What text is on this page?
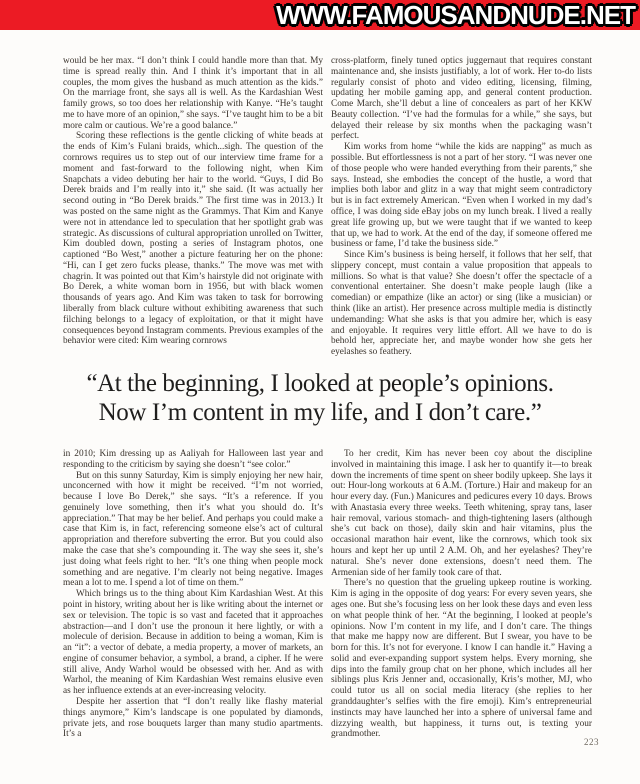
WWW.FAMOUSANDNUDE.NET

would be her max. “I don’t think I could handle more than that. My time is spread really thin. And I think it’s important that in all couples, the mom gives the husband as much attention as the kids.” On the marriage front, she says all is well. As the Kardashian West family grows, so too does her relationship with Kanye. “He’s taught me to have more of an opinion,” she says. “I’ve taught him to be a bit more calm or cautious. We’re a good balance.”

Scoring these reflections is the gentle clicking of white beads at the ends of Kim’s Fulani braids, which...sigh. The question of the cornrows requires us to step out of our interview time frame for a moment and fast-forward to the following night, when Kim Snapchats a video debuting her hair to the world. “Guys, I did Bo Derek braids and I’m really into it,” she said. (It was actually her second outing in “Bo Derek braids.” The first time was in 2013.) It was posted on the same night as the Grammys. That Kim and Kanye were not in attendance led to speculation that her spotlight grab was strategic. As discussions of cultural appropriation unrolled on Twitter, Kim doubled down, posting a series of Instagram photos, one captioned “Bo West,” another a picture featuring her on the phone: “Hi, can I get zero fucks please, thanks.” The move was met with chagrin. It was pointed out that Kim’s hairstyle did not originate with Bo Derek, a white woman born in 1956, but with black women thousands of years ago. And Kim was taken to task for borrowing liberally from black culture without exhibiting awareness that such filching belongs to a legacy of exploitation, or that it might have consequences beyond Instagram comments. Previous examples of the behavior were cited: Kim wearing cornrows

cross-platform, finely tuned optics juggernaut that requires constant maintenance and, she insists justifiably, a lot of work. Her to-do lists regularly consist of photo and video editing, licensing, filming, updating her mobile gaming app, and general content production. Come March, she’ll debut a line of concealers as part of her KKW Beauty collection. “I’ve had the formulas for a while,” she says, but delayed their release by six months when the packaging wasn’t perfect.

Kim works from home “while the kids are napping” as much as possible. But effortlessness is not a part of her story. “I was never one of those people who were handed everything from their parents,” she says. Instead, she embodies the concept of the hustle, a word that implies both labor and glitz in a way that might seem contradictory but is in fact extremely American. “Even when I worked in my dad’s office, I was doing side eBay jobs on my lunch break. I lived a really great life growing up, but we were taught that if we wanted to keep that up, we had to work. At the end of the day, if someone offered me business or fame, I’d take the business side.”

Since Kim’s business is being herself, it follows that her self, that slippery concept, must contain a value proposition that appeals to millions. So what is that value? She doesn’t offer the spectacle of a conventional entertainer. She doesn’t make people laugh (like a comedian) or empathize (like an actor) or sing (like a musician) or think (like an artist). Her presence across multiple media is distinctly undemanding: What she asks is that you admire her, which is easy and enjoyable. It requires very little effort. All we have to do is behold her, appreciate her, and maybe wonder how she gets her eyelashes so feathery.

“At the beginning, I looked at people’s opinions.
Now I’m content in my life, and I don’t care.”

in 2010; Kim dressing up as Aaliyah for Halloween last year and responding to the criticism by saying she doesn’t “see color.”

But on this sunny Saturday, Kim is simply enjoying her new hair, unconcerned with how it might be received. “I’m not worried, because I love Bo Derek,” she says. “It’s a reference. If you genuinely love something, then it’s what you should do. It’s appreciation.” That may be her belief. And perhaps you could make a case that Kim is, in fact, referencing someone else’s act of cultural appropriation and therefore subverting the error. But you could also make the case that she’s compounding it. The way she sees it, she’s just doing what feels right to her. “It’s one thing when people mock something and are negative. I’m clearly not being negative. Images mean a lot to me. I spend a lot of time on them.”

Which brings us to the thing about Kim Kardashian West. At this point in history, writing about her is like writing about the internet or sex or television. The topic is so vast and faceted that it approaches abstraction—and I don’t use the pronoun it here lightly, or with a molecule of derision. Because in addition to being a woman, Kim is an “it”: a vector of debate, a media property, a mover of markets, an engine of consumer behavior, a symbol, a brand, a cipher. If he were still alive, Andy Warhol would be obsessed with her. And as with Warhol, the meaning of Kim Kardashian West remains elusive even as her influence extends at an ever-increasing velocity.

Despite her assertion that “I don’t really like flashy material things anymore,” Kim’s landscape is one populated by diamonds, private jets, and rose bouquets larger than many studio apartments. It’s a

To her credit, Kim has never been coy about the discipline involved in maintaining this image. I ask her to quantify it—to break down the increments of time spent on sheer bodily upkeep. She lays it out: Hour-long workouts at 6 A.M. (Torture.) Hair and makeup for an hour every day. (Fun.) Manicures and pedicures every 10 days. Brows with Anastasia every three weeks. Teeth whitening, spray tans, laser hair removal, various stomach- and thigh-tightening lasers (although she’s cut back on those), daily skin and hair vitamins, plus the occasional marathon hair event, like the cornrows, which took six hours and kept her up until 2 A.M. Oh, and her eyelashes? They’re natural. She’s never done extensions, doesn’t need them. The Armenian side of her family took care of that.

There’s no question that the grueling upkeep routine is working. Kim is aging in the opposite of dog years: For every seven years, she ages one. But she’s focusing less on her look these days and even less on what people think of her. “At the beginning, I looked at people’s opinions. Now I’m content in my life, and I don’t care. The things that make me happy now are different. But I swear, you have to be born for this. It’s not for everyone. I know I can handle it.” Having a solid and ever-expanding support system helps. Every morning, she dips into the family group chat on her phone, which includes all her siblings plus Kris Jenner and, occasionally, Kris’s mother, MJ, who could tutor us all on social media literacy (she replies to her granddaughter’s selfies with the fire emoji). Kim’s entrepreneurial instincts may have launched her into a sphere of universal fame and dizzying wealth, but happiness, it turns out, is texting your grandmother.

223
